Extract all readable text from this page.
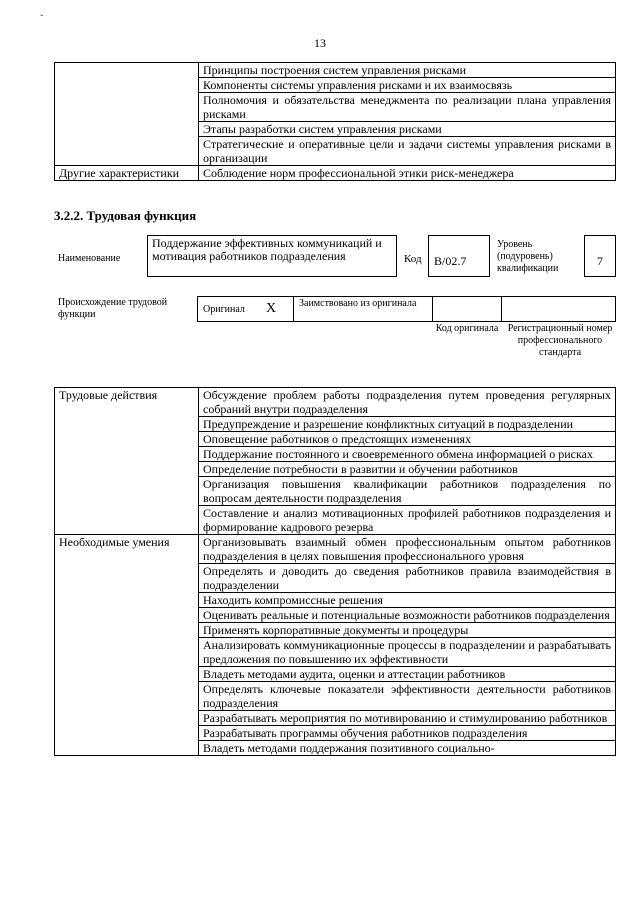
ˇ
13
	Принципы построения систем управления рисками
	Компоненты системы управления рисками и их взаимосвязь
	Полномочия и обязательства менеджмента по реализации плана управления рисками
	Этапы разработки систем управления рисками
	Стратегические и оперативные цели и задачи системы управления рисками в организации
Другие характеристики	Соблюдение норм профессиональной этики риск-менеджера
3.2.2. Трудовая функция
Наименование
Поддержание эффективных коммуникаций и мотивация работников подразделения	Код	B/02.7
Уровень (подуровень) квалификации
7
Происхождение трудовой функции	Оригинал X Заимствовано из оригинала
Код оригинала Регистрационный номер профессионального стандарта
Трудовые действия	Обсуждение проблем работы подразделения путем проведения регулярных собраний внутри подразделения
	Предупреждение и разрешение конфликтных ситуаций в подразделении
	Оповещение работников о предстоящих изменениях
	Поддержание постоянного и своевременного обмена информацией о рисках
	Определение потребности в развитии и обучении работников
	Организация повышения квалификации работников подразделения по вопросам деятельности подразделения
	Составление и анализ мотивационных профилей работников подразделения и формирование кадрового резерва
Необходимые умения	Организовывать взаимный обмен профессиональным опытом работников подразделения в целях повышения профессионального уровня
	Определять и доводить до сведения работников правила взаимодействия в подразделении
	Находить компромиссные решения
	Оценивать реальные и потенциальные возможности работников подразделения
	Применять корпоративные документы и процедуры
	Анализировать коммуникационные процессы в подразделении и разрабатывать предложения по повышению их эффективности
	Владеть методами аудита, оценки и аттестации работников
	Определять ключевые показатели эффективности деятельности работников подразделения
	Разрабатывать мероприятия по мотивированию и стимулированию работников
	Разрабатывать программы обучения работников подразделения
	Владеть методами поддержания позитивного социально-
